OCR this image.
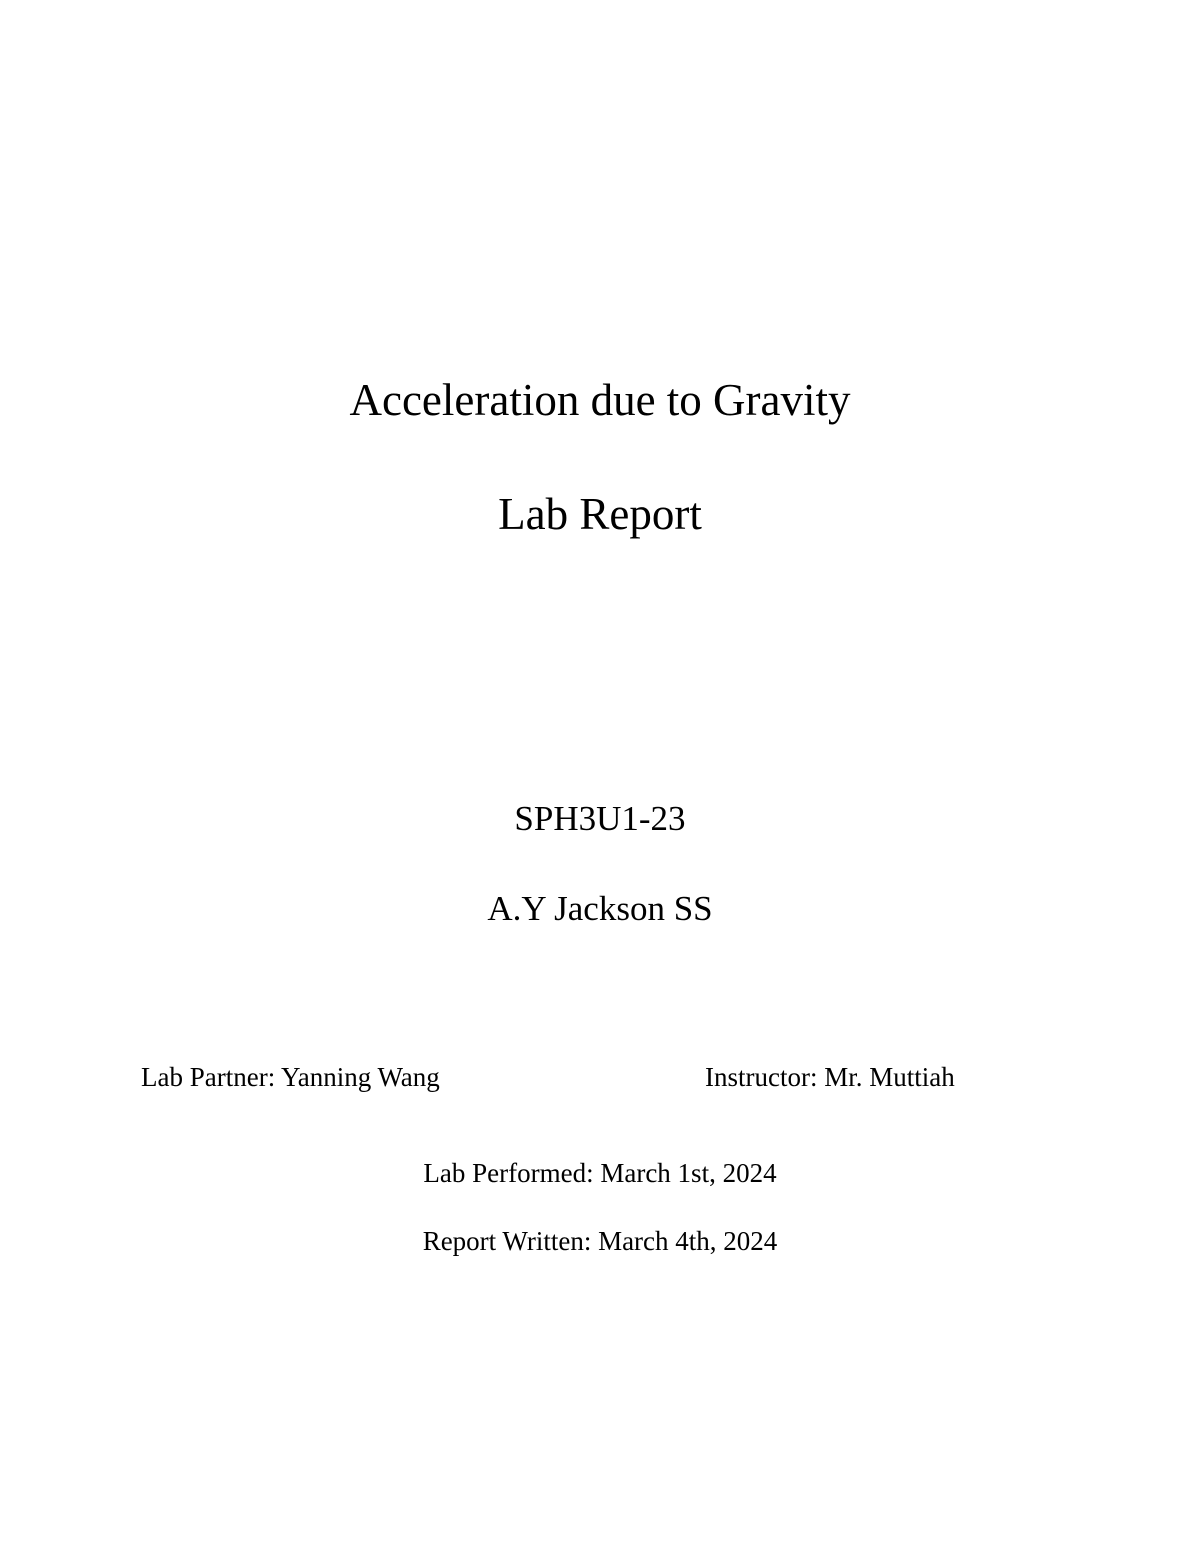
Acceleration due to Gravity
Lab Report
SPH3U1-23
A.Y Jackson SS
Lab Partner: Yanning Wang	Instructor: Mr. Muttiah
Lab Performed: March 1st, 2024
Report Written: March 4th, 2024
